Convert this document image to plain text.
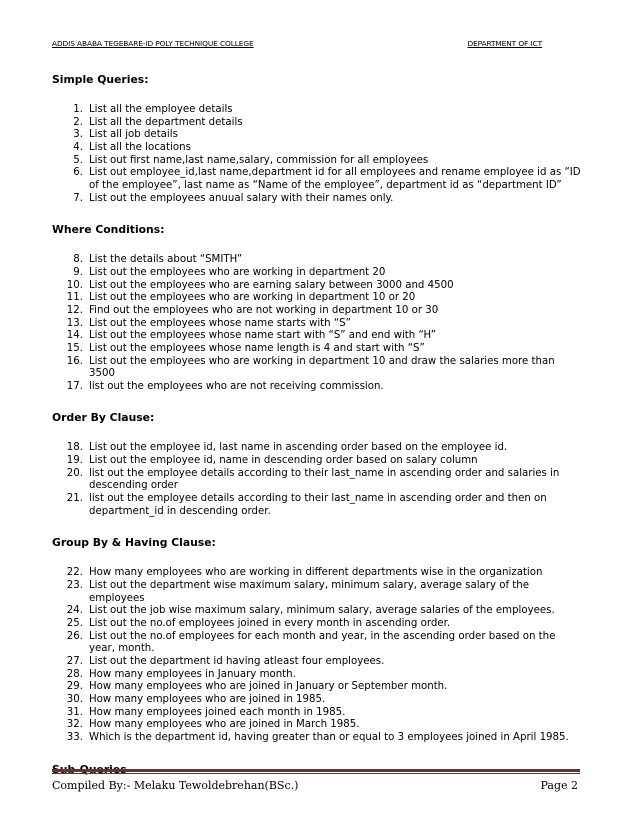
ADDIS ABABA TEGEBARE-ID POLY TECHNIQUE COLLEGE	DEPARTMENT OF ICT
Simple Queries:
1. List all the employee details
2. List all the department details
3. List all job details
4. List all the locations
5. List out first name,last name,salary, commission for all employees
6. List out employee_id,last name,department id for all employees and rename employee id as “ID of the employee”, last name as “Name of the employee”, department id as “department ID”
7. List out the employees anuual salary with their names only.
Where Conditions:
8. List the details about “SMITH”
9. List out the employees who are working in department 20
10. List out the employees who are earning salary between 3000 and 4500
11. List out the employees who are working in department 10 or 20
12. Find out the employees who are not working in department 10 or 30
13. List out the employees whose name starts with “S”
14. List out the employees whose name start with “S” and end with “H”
15. List out the employees whose name length is 4 and start with “S”
16. List out the employees who are working in department 10 and draw the salaries more than 3500
17. list out the employees who are not receiving commission.
Order By Clause:
18. List out the employee id, last name in ascending order based on the employee id.
19. List out the employee id, name in descending order based on salary column
20. list out the employee details according to their last_name in ascending order and salaries in descending order
21. list out the employee details according to their last_name in ascending order and then on department_id in descending order.
Group By & Having Clause:
22. How many employees who are working in different departments wise in the organization
23. List out the department wise maximum salary, minimum salary, average salary of the employees
24. List out the job wise maximum salary, minimum salary, average salaries of the employees.
25. List out the no.of employees joined in every month in ascending order.
26. List out the no.of employees for each month and year, in the ascending order based on the year, month.
27. List out the department id having atleast four employees.
28. How many employees in January month.
29. How many employees who are joined in January or September month.
30. How many employees who are joined in 1985.
31. How many employees joined each month in 1985.
32. How many employees who are joined in March 1985.
33. Which is the department id, having greater than or equal to 3 employees joined in April 1985.
Compiled By:- Melaku Tewoldebrehan(BSc.)	Page 2
